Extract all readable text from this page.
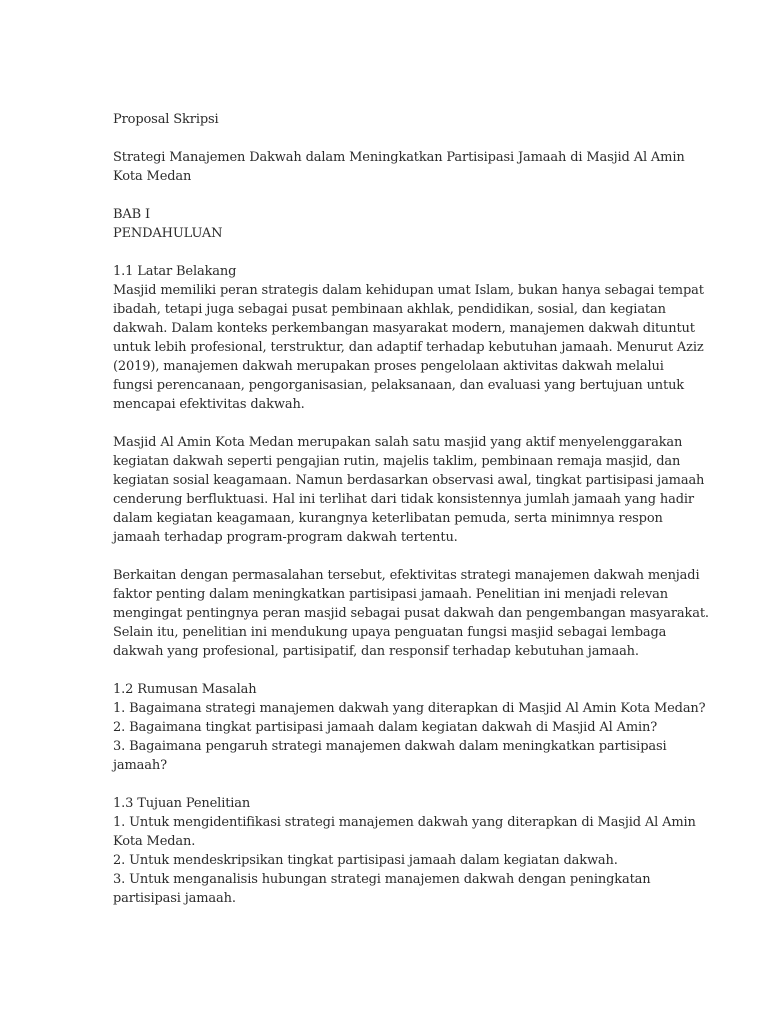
Proposal Skripsi
Strategi Manajemen Dakwah dalam Meningkatkan Partisipasi Jamaah di Masjid Al Amin
Kota Medan
BAB I
PENDAHULUAN
1.1 Latar Belakang
Masjid memiliki peran strategis dalam kehidupan umat Islam, bukan hanya sebagai tempat
ibadah, tetapi juga sebagai pusat pembinaan akhlak, pendidikan, sosial, dan kegiatan
dakwah. Dalam konteks perkembangan masyarakat modern, manajemen dakwah dituntut
untuk lebih profesional, terstruktur, dan adaptif terhadap kebutuhan jamaah. Menurut Aziz
(2019), manajemen dakwah merupakan proses pengelolaan aktivitas dakwah melalui
fungsi perencanaan, pengorganisasian, pelaksanaan, dan evaluasi yang bertujuan untuk
mencapai efektivitas dakwah.
Masjid Al Amin Kota Medan merupakan salah satu masjid yang aktif menyelenggarakan
kegiatan dakwah seperti pengajian rutin, majelis taklim, pembinaan remaja masjid, dan
kegiatan sosial keagamaan. Namun berdasarkan observasi awal, tingkat partisipasi jamaah
cenderung berfluktuasi. Hal ini terlihat dari tidak konsistennya jumlah jamaah yang hadir
dalam kegiatan keagamaan, kurangnya keterlibatan pemuda, serta minimnya respon
jamaah terhadap program-program dakwah tertentu.
Berkaitan dengan permasalahan tersebut, efektivitas strategi manajemen dakwah menjadi
faktor penting dalam meningkatkan partisipasi jamaah. Penelitian ini menjadi relevan
mengingat pentingnya peran masjid sebagai pusat dakwah dan pengembangan masyarakat.
Selain itu, penelitian ini mendukung upaya penguatan fungsi masjid sebagai lembaga
dakwah yang profesional, partisipatif, dan responsif terhadap kebutuhan jamaah.
1.2 Rumusan Masalah
1. Bagaimana strategi manajemen dakwah yang diterapkan di Masjid Al Amin Kota Medan?
2. Bagaimana tingkat partisipasi jamaah dalam kegiatan dakwah di Masjid Al Amin?
3. Bagaimana pengaruh strategi manajemen dakwah dalam meningkatkan partisipasi
jamaah?
1.3 Tujuan Penelitian
1. Untuk mengidentifikasi strategi manajemen dakwah yang diterapkan di Masjid Al Amin
Kota Medan.
2. Untuk mendeskripsikan tingkat partisipasi jamaah dalam kegiatan dakwah.
3. Untuk menganalisis hubungan strategi manajemen dakwah dengan peningkatan
partisipasi jamaah.
